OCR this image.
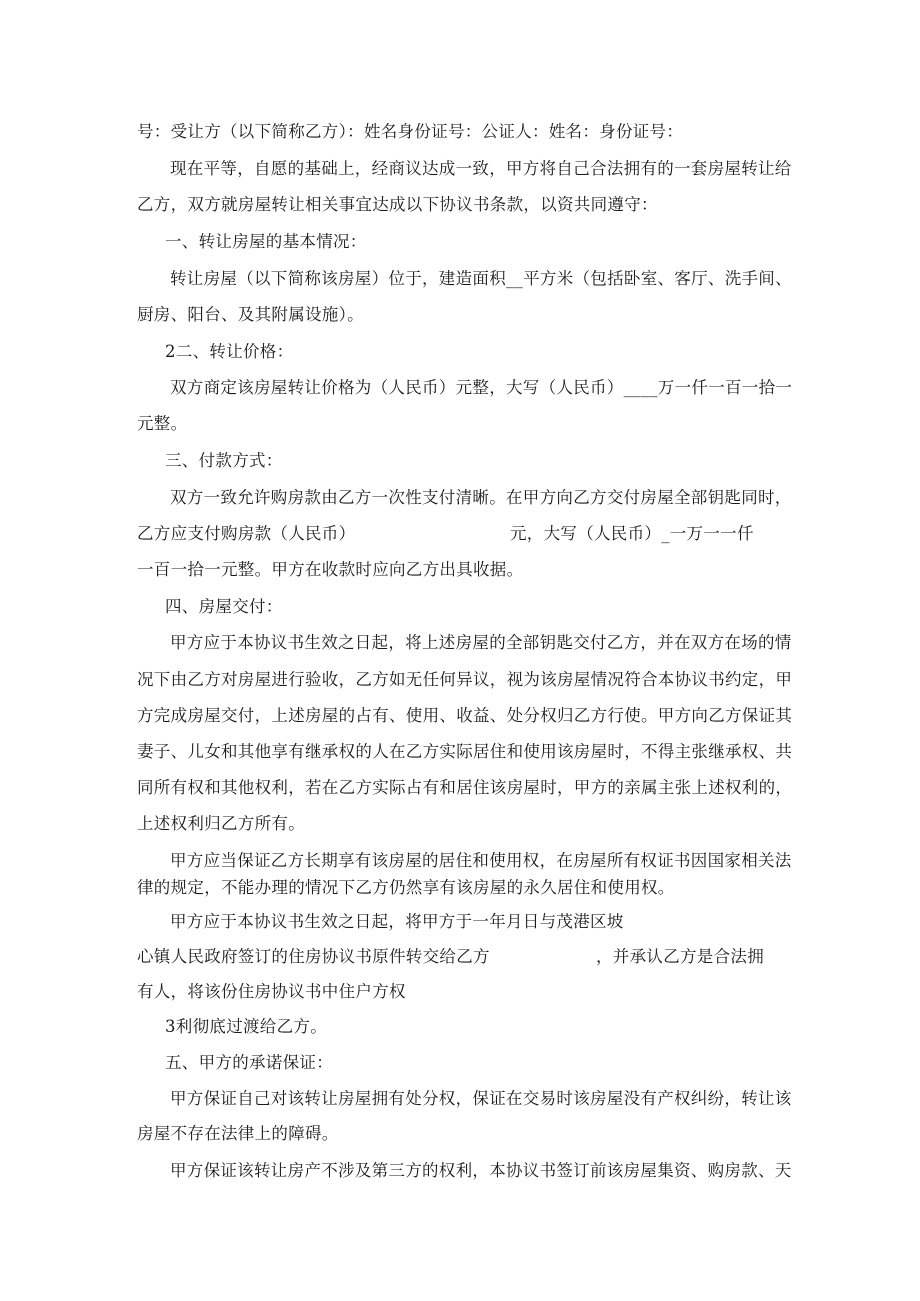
号：受让方（以下简称乙方）：姓名身份证号：公证人：姓名：身份证号：

现在平等，自愿的基础上，经商议达成一致，甲方将自己合法拥有的一套房屋转让给

乙方，双方就房屋转让相关事宜达成以下协议书条款，以资共同遵守：

一、转让房屋的基本情况：

转让房屋（以下简称该房屋）位于，建造面积__平方米（包括卧室、客厅、洗手间、

厨房、阳台、及其附属设施）。

2二、转让价格：

双方商定该房屋转让价格为（人民币）元整，大写（人民币）____万一仟一百一拾一

元整。

三、付款方式：

双方一致允许购房款由乙方一次性支付清晰。在甲方向乙方交付房屋全部钥匙同时，

乙方应支付购房款（人民币）	元，大写（人民币）_一万一一仟

一百一拾一元整。甲方在收款时应向乙方出具收据。

四、房屋交付：

甲方应于本协议书生效之日起，将上述房屋的全部钥匙交付乙方，并在双方在场的情

况下由乙方对房屋进行验收，乙方如无任何异议，视为该房屋情况符合本协议书约定，甲

方完成房屋交付，上述房屋的占有、使用、收益、处分权归乙方行使。甲方向乙方保证其

妻子、儿女和其他享有继承权的人在乙方实际居住和使用该房屋时，不得主张继承权、共

同所有权和其他权利，若在乙方实际占有和居住该房屋时，甲方的亲属主张上述权利的，

上述权利归乙方所有。

甲方应当保证乙方长期享有该房屋的居住和使用权，在房屋所有权证书因国家相关法

律的规定，不能办理的情况下乙方仍然享有该房屋的永久居住和使用权。

甲方应于本协议书生效之日起，将甲方于一年月日与茂港区坡

心镇人民政府签订的住房协议书原件转交给乙方	，并承认乙方是合法拥

有人，将该份住房协议书中住户方权

3利彻底过渡给乙方。

五、甲方的承诺保证：

甲方保证自己对该转让房屋拥有处分权，保证在交易时该房屋没有产权纠纷，转让该

房屋不存在法律上的障碍。

甲方保证该转让房产不涉及第三方的权利，本协议书签订前该房屋集资、购房款、天
